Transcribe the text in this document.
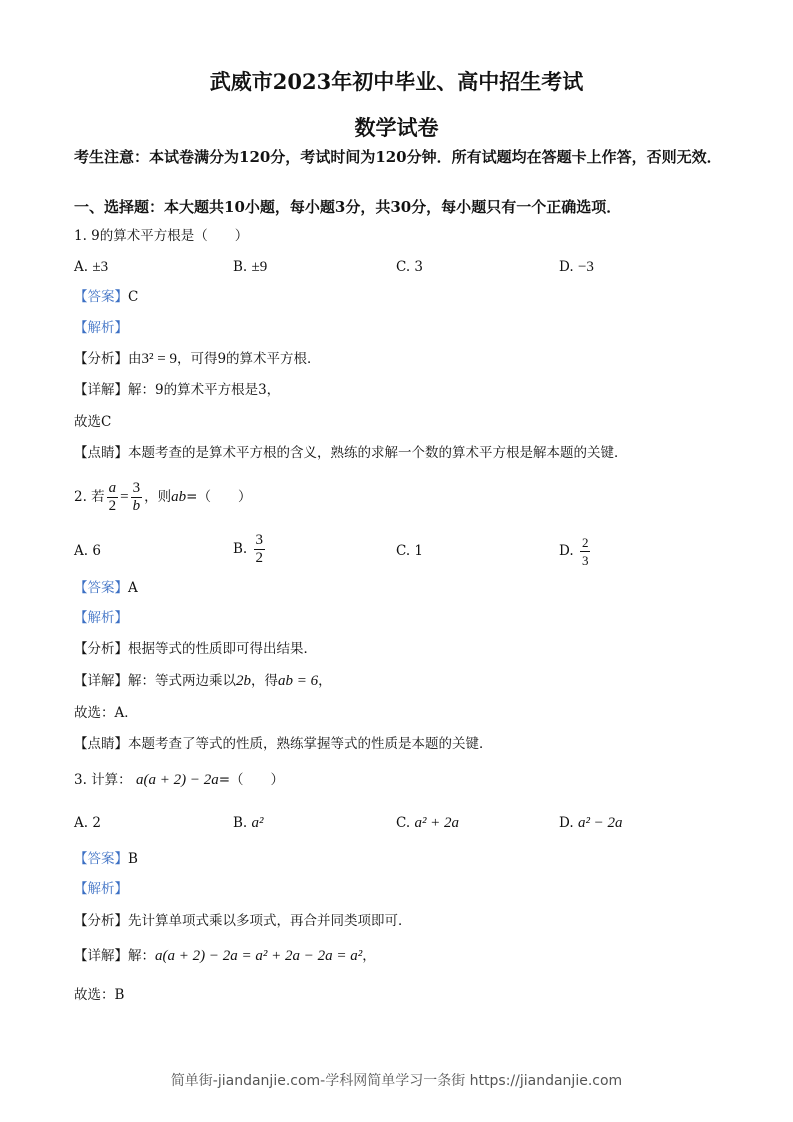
武威市2023年初中毕业、高中招生考试
数学试卷
考生注意：本试卷满分为120分，考试时间为120分钟．所有试题均在答题卡上作答，否则无效．
一、选择题：本大题共10小题，每小题3分，共30分，每小题只有一个正确选项．
1. 9的算术平方根是（　　）
A. ±3	B. ±9	C. 3	D. −3
【答案】C
【解析】
【分析】由3² = 9，可得9的算术平方根．
【详解】解：9的算术平方根是3，
故选C
【点睛】本题考查的是算术平方根的含义，熟练的求解一个数的算术平方根是解本题的关键．
2. 若 $\frac{a}{2} = \frac{3}{b}$ ，则ab=（　　）
A. 6	B. $\frac{3}{2}$	C. 1	D. $\frac{2}{3}$
【答案】A
【解析】
【分析】根据等式的性质即可得出结果．
【详解】解：等式两边乘以2b，得ab = 6，
故选：A．
【点睛】本题考查了等式的性质，熟练掌握等式的性质是本题的关键．
3. 计算： a(a + 2) − 2a=（　　）
A. 2	B. a²	C. a² + 2a	D. a² − 2a
【答案】B
【解析】
【分析】先计算单项式乘以多项式，再合并同类项即可．
【详解】解：a(a + 2) − 2a = a² + 2a − 2a = a²，
故选：B
简单街-jiandanjie.com-学科网简单学习一条街 https://jiandanjie.com
